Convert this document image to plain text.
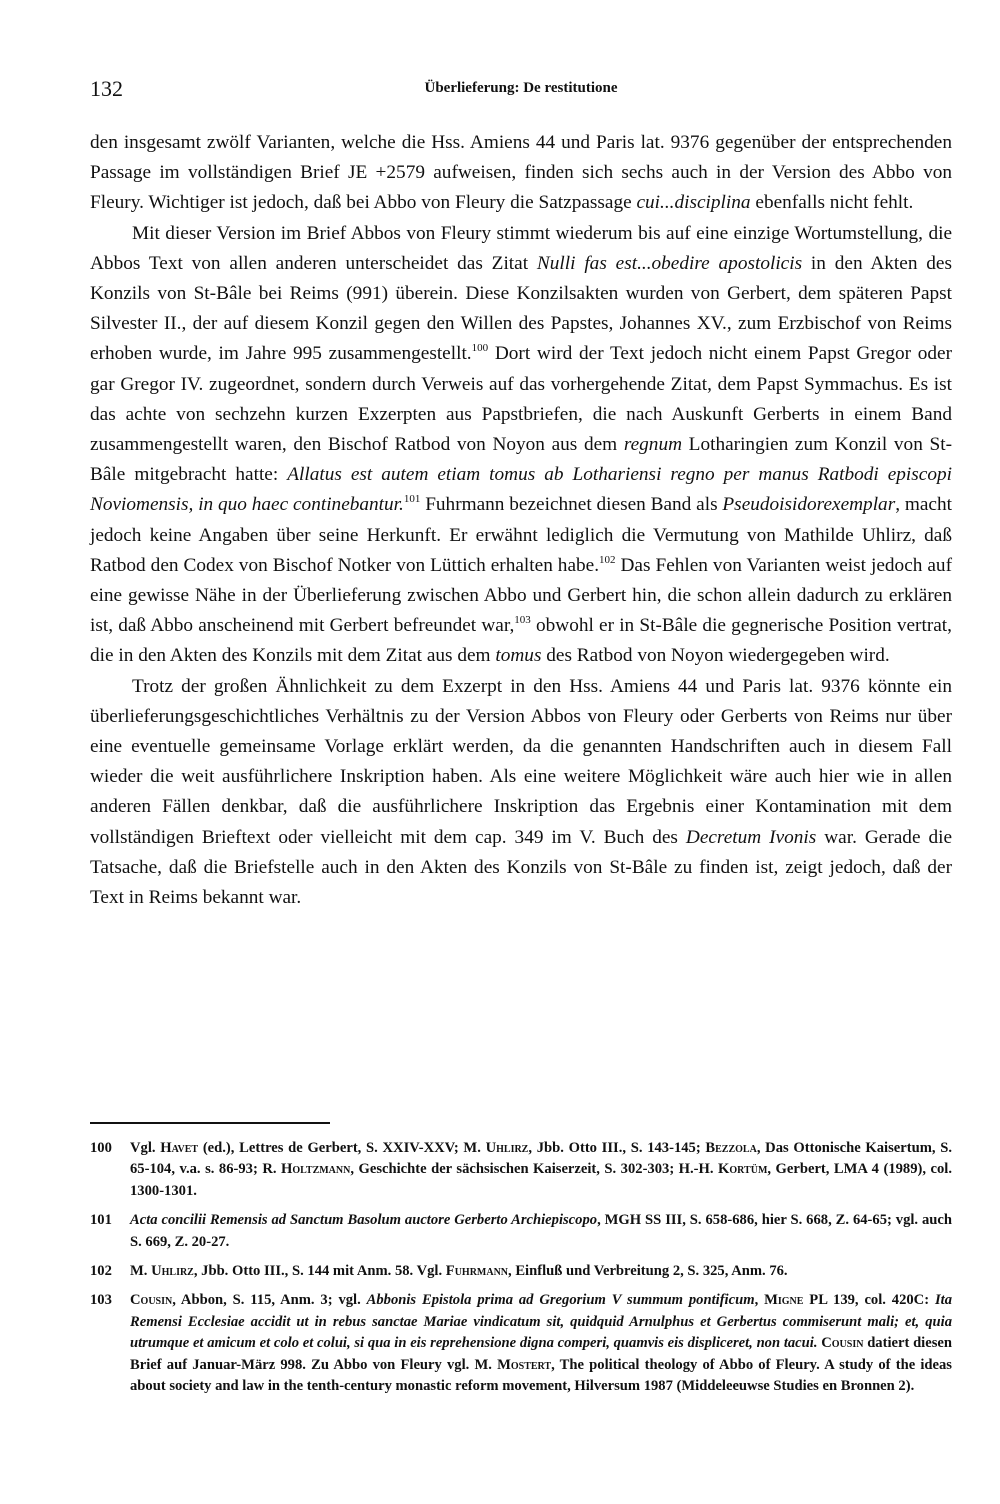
132	Überlieferung: De restitutione

den insgesamt zwölf Varianten, welche die Hss. Amiens 44 und Paris lat. 9376 gegenüber der entsprechenden Passage im vollständigen Brief JE +2579 aufweisen, finden sich sechs auch in der Version des Abbo von Fleury. Wichtiger ist jedoch, daß bei Abbo von Fleury die Satzpassage cui...disciplina ebenfalls nicht fehlt.

Mit dieser Version im Brief Abbos von Fleury stimmt wiederum bis auf eine einzige Wortumstellung, die Abbos Text von allen anderen unterscheidet das Zitat Nulli fas est...obedire apostolicis in den Akten des Konzils von St-Bâle bei Reims (991) überein. Diese Konzilsakten wurden von Gerbert, dem späteren Papst Silvester II., der auf diesem Konzil gegen den Willen des Papstes, Johannes XV., zum Erzbischof von Reims erhoben wurde, im Jahre 995 zusammengestellt.$^{100}$ Dort wird der Text jedoch nicht einem Papst Gregor oder gar Gregor IV. zugeordnet, sondern durch Verweis auf das vorhergehende Zitat, dem Papst Symmachus. Es ist das achte von sechzehn kurzen Exzerpten aus Papstbriefen, die nach Auskunft Gerberts in einem Band zusammengestellt waren, den Bischof Ratbod von Noyon aus dem regnum Lotharingien zum Konzil von St-Bâle mitgebracht hatte: Allatus est autem etiam tomus ab Lothariensi regno per manus Ratbodi episcopi Noviomensis, in quo haec continebantur.$^{101}$ Fuhrmann bezeichnet diesen Band als Pseudoisidorexemplar, macht jedoch keine Angaben über seine Herkunft. Er erwähnt lediglich die Vermutung von Mathilde Uhlirz, daß Ratbod den Codex von Bischof Notker von Lüttich erhalten habe.$^{102}$ Das Fehlen von Varianten weist jedoch auf eine gewisse Nähe in der Überlieferung zwischen Abbo und Gerbert hin, die schon allein dadurch zu erklären ist, daß Abbo anscheinend mit Gerbert befreundet war,$^{103}$ obwohl er in St-Bâle die gegnerische Position vertrat, die in den Akten des Konzils mit dem Zitat aus dem tomus des Ratbod von Noyon wiedergegeben wird.

Trotz der großen Ähnlichkeit zu dem Exzerpt in den Hss. Amiens 44 und Paris lat. 9376 könnte ein überlieferungsgeschichtliches Verhältnis zu der Version Abbos von Fleury oder Gerberts von Reims nur über eine eventuelle gemeinsame Vorlage erklärt werden, da die genannten Handschriften auch in diesem Fall wieder die weit ausführlichere Inskription haben. Als eine weitere Möglichkeit wäre auch hier wie in allen anderen Fällen denkbar, daß die ausführlichere Inskription das Ergebnis einer Kontamination mit dem vollständigen Brieftext oder vielleicht mit dem cap. 349 im V. Buch des Decretum Ivonis war. Gerade die Tatsache, daß die Briefstelle auch in den Akten des Konzils von St-Bâle zu finden ist, zeigt jedoch, daß der Text in Reims bekannt war.

100	Vgl. Havet (ed.), Lettres de Gerbert, S. XXIV-XXV; M. Uhlirz, Jbb. Otto III., S. 143-145; Bezzola, Das Ottonische Kaisertum, S. 65-104, v.a. s. 86-93; R. Holtzmann, Geschichte der sächsischen Kaiserzeit, S. 302-303; H.-H. Kortüm, Gerbert, LMA 4 (1989), col. 1300-1301.
101	Acta concilii Remensis ad Sanctum Basolum auctore Gerberto Archiepiscopo, MGH SS III, S. 658-686, hier S. 668, Z. 64-65; vgl. auch S. 669, Z. 20-27.
102	M. Uhlirz, Jbb. Otto III., S. 144 mit Anm. 58. Vgl. Fuhrmann, Einfluß und Verbreitung 2, S. 325, Anm. 76.
103	Cousin, Abbon, S. 115, Anm. 3; vgl. Abbonis Epistola prima ad Gregorium V summum pontificum, Migne PL 139, col. 420C: Ita Remensi Ecclesiae accidit ut in rebus sanctae Mariae vindicatum sit, quidquid Arnulphus et Gerbertus commiserunt mali; et, quia utrumque et amicum et colo et colui, si qua in eis reprehensione digna comperi, quamvis eis displiceret, non tacui. Cousin datiert diesen Brief auf Januar-März 998. Zu Abbo von Fleury vgl. M. Mostert, The political theology of Abbo of Fleury. A study of the ideas about society and law in the tenth-century monastic reform movement, Hilversum 1987 (Middeleeuwse Studies en Bronnen 2).
